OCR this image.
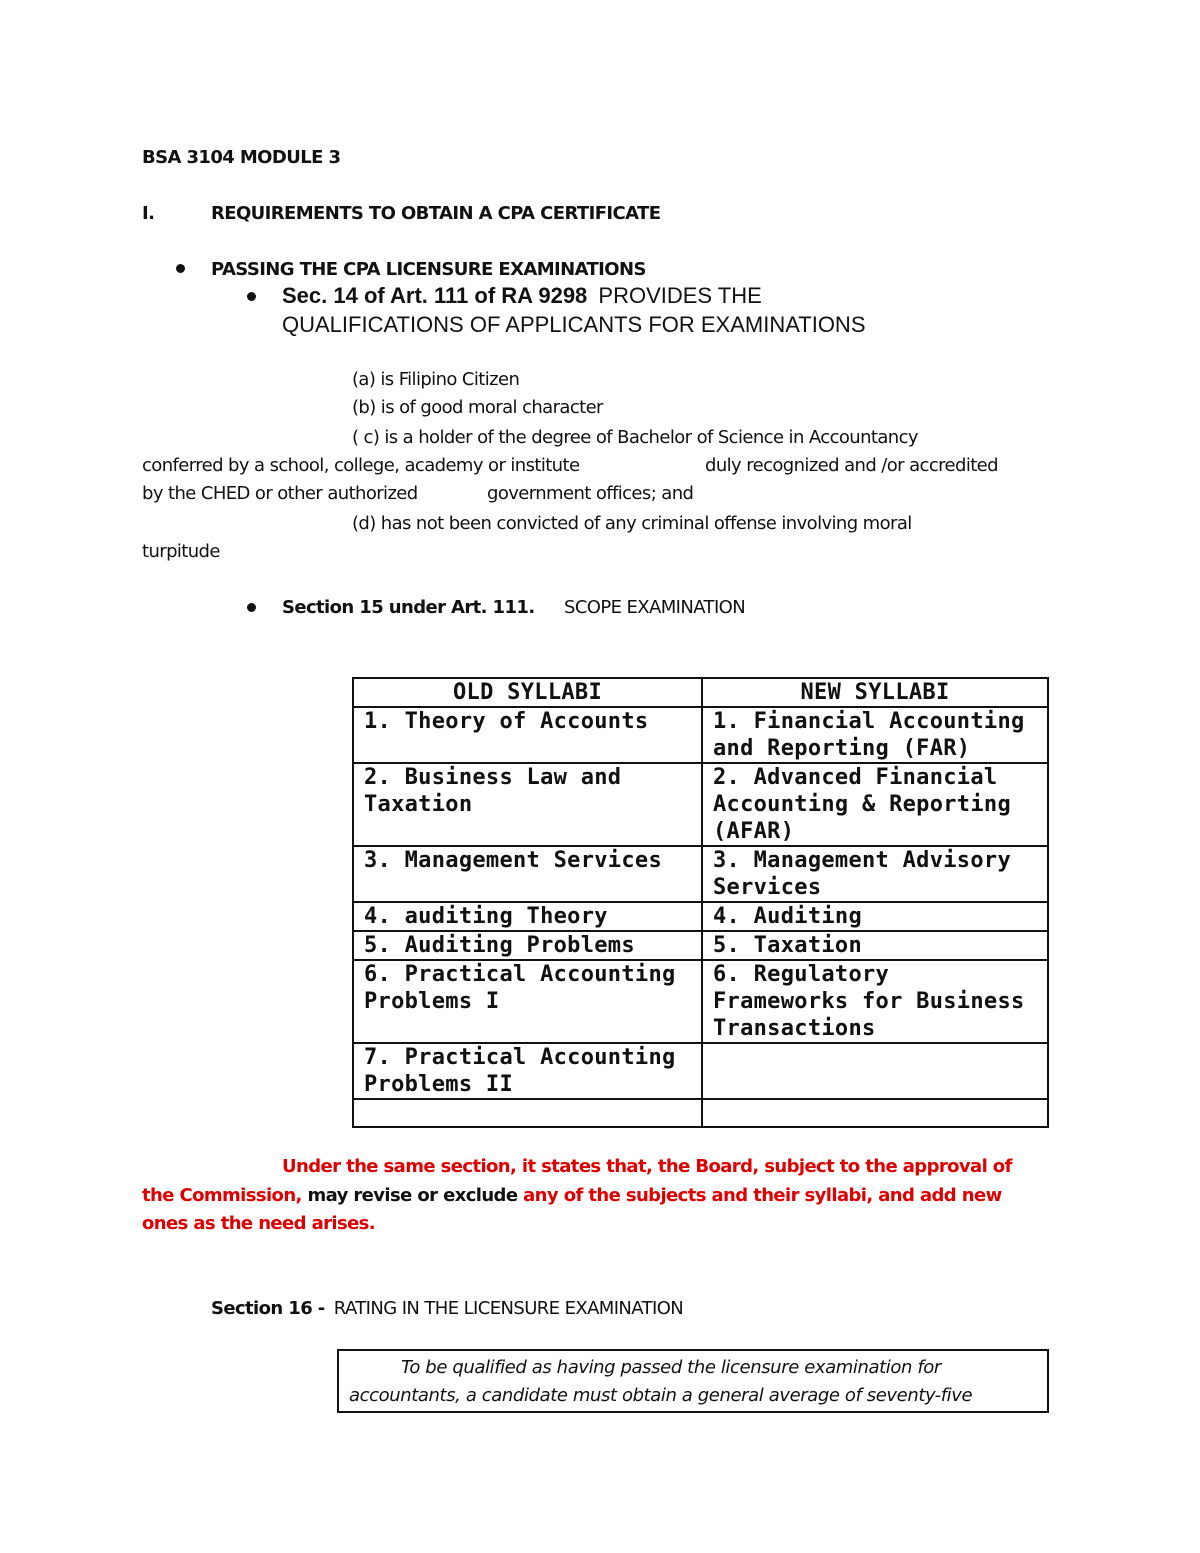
BSA 3104 MODULE 3
I.	REQUIREMENTS TO OBTAIN A CPA CERTIFICATE
PASSING THE CPA LICENSURE EXAMINATIONS
Sec. 14 of Art. 111 of RA 9298 PROVIDES THE
QUALIFICATIONS OF APPLICANTS FOR EXAMINATIONS
(a) is Filipino Citizen
(b) is of good moral character
( c) is a holder of the degree of Bachelor of Science in Accountancy
conferred by a school, college, academy or institute	duly recognized and /or accredited
by the CHED or other authorized	government offices; and
(d) has not been convicted of any criminal offense involving moral
turpitude
Section 15 under Art. 111. SCOPE EXAMINATION
OLD SYLLABI	NEW SYLLABI
1. Theory of Accounts	1. Financial Accounting and Reporting (FAR)
2. Business Law and Taxation	2. Advanced Financial Accounting & Reporting (AFAR)
3. Management Services	3. Management Advisory Services
4. auditing Theory	4. Auditing
5. Auditing Problems	5. Taxation
6. Practical Accounting Problems I	6. Regulatory Frameworks for Business Transactions
7. Practical Accounting Problems II	

Under the same section, it states that, the Board, subject to the approval of
the Commission, may revise or exclude any of the subjects and their syllabi, and add new
ones as the need arises.
Section 16 - RATING IN THE LICENSURE EXAMINATION
To be qualified as having passed the licensure examination for
accountants, a candidate must obtain a general average of seventy-five
